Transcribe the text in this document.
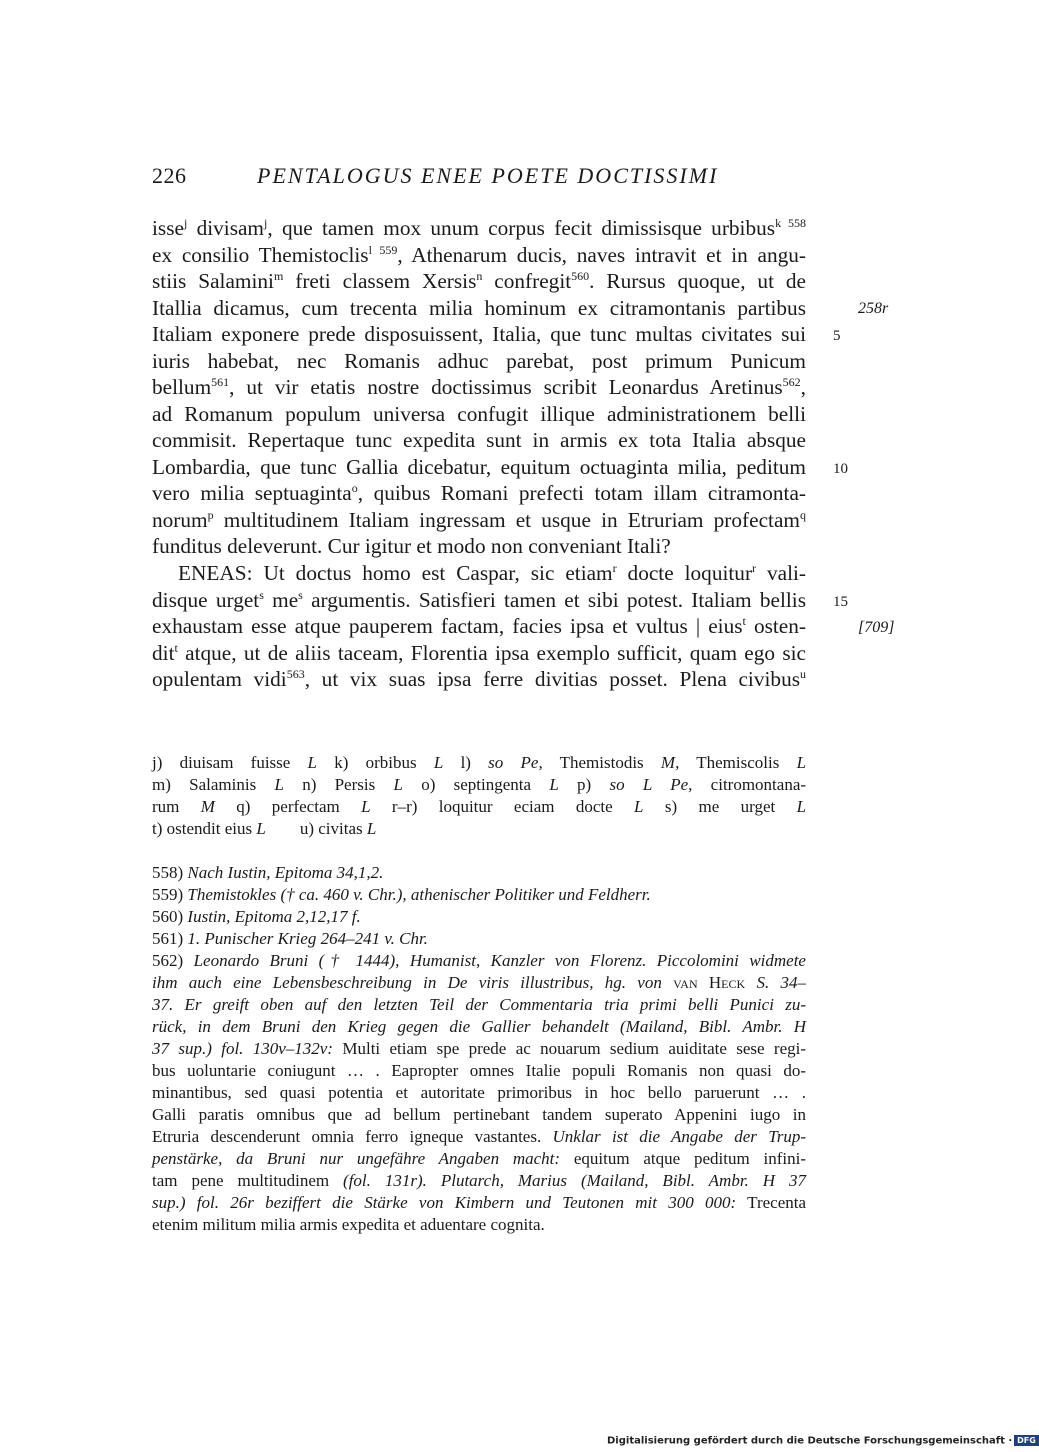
226	PENTALOGUS ENEE POETE DOCTISSIMI
isse$^j$ divisam$^j$, que tamen mox unum corpus fecit dimissisque urbibus$^{k 558}$
ex consilio Themistoclis$^{l 559}$, Athenarum ducis, naves intravit et in angu-
stiis Salamini$^m$ freti classem Xersis$^n$ confregit$^{560}$. Rursus quoque, ut de
Itallia dicamus, cum trecenta milia hominum ex citramontanis partibus
Italiam exponere prede disposuissent, Italia, que tunc multas civitates sui
iuris habebat, nec Romanis adhuc parebat, post primum Punicum
bellum$^{561}$, ut vir etatis nostre doctissimus scribit Leonardus Aretinus$^{562}$,
ad Romanum populum universa confugit illique administrationem belli
commisit. Repertaque tunc expedita sunt in armis ex tota Italia absque
Lombardia, que tunc Gallia dicebatur, equitum octuaginta milia, peditum
vero milia septuaginta$^o$, quibus Romani prefecti totam illam citramonta-
norum$^p$ multitudinem Italiam ingressam et usque in Etruriam profectam$^q$
funditus deleverunt. Cur igitur et modo non conveniant Itali?
ENEAS: Ut doctus homo est Caspar, sic etiam$^r$ docte loquitur$^r$ vali-
disque urget$^s$ $me^s$ argumentis. Satisfieri tamen et sibi potest. Italiam bellis
exhaustam esse atque pauperem factam, facies ipsa et vultus | eius$^t$ osten-
dit$^t$ atque, ut de aliis taceam, Florentia ipsa exemplo sufficit, quam ego sic
opulentam vidi$^{563}$, ut vix suas ipsa ferre divitias posset. Plena civibus$^u$
258r
5
10
15
[709]
j) diuisam fuisse L k) orbibus L l) so Pe, Themistodis M, Themiscolis L
m) Salaminis L n) Persis L o) septingenta L p) so L Pe, citromontana-
rum M q) perfectam L r–r) loquitur eciam docte L s) me urget L
t) ostendit eius L u) civitas L
558) Nach Iustin, Epitoma 34,1,2.
559) Themistokles († ca. 460 v. Chr.), athenischer Politiker und Feldherr.
560) Iustin, Epitoma 2,12,17 f.
561) 1. Punischer Krieg 264–241 v. Chr.
562) Leonardo Bruni († 1444), Humanist, Kanzler von Florenz. Piccolomini widmete
ihm auch eine Lebensbeschreibung in De viris illustribus, hg. von van Heck S. 34–
37. Er greift oben auf den letzten Teil der Commentaria tria primi belli Punici zu-
rück, in dem Bruni den Krieg gegen die Gallier behandelt (Mailand, Bibl. Ambr. H
37 sup.) fol. 130v–132v: Multi etiam spe prede ac nouarum sedium auiditate sese regi-
bus uoluntarie coniugunt … . Eapropter omnes Italie populi Romanis non quasi do-
minantibus, sed quasi potentia et autoritate primoribus in hoc bello paruerunt … .
Galli paratis omnibus que ad bellum pertinebant tandem superato Appenini iugo in
Etruria descenderunt omnia ferro igneque vastantes. Unklar ist die Angabe der Trup-
penstärke, da Bruni nur ungefähre Angaben macht: equitum atque peditum infini-
tam pene multitudinem (fol. 131r). Plutarch, Marius (Mailand, Bibl. Ambr. H 37
sup.) fol. 26r beziffert die Stärke von Kimbern und Teutonen mit 300 000: Trecenta
etenim militum milia armis expedita et aduentare cognita.
Digitalisierung gefördert durch die Deutsche Forschungsgemeinschaft · DFG
